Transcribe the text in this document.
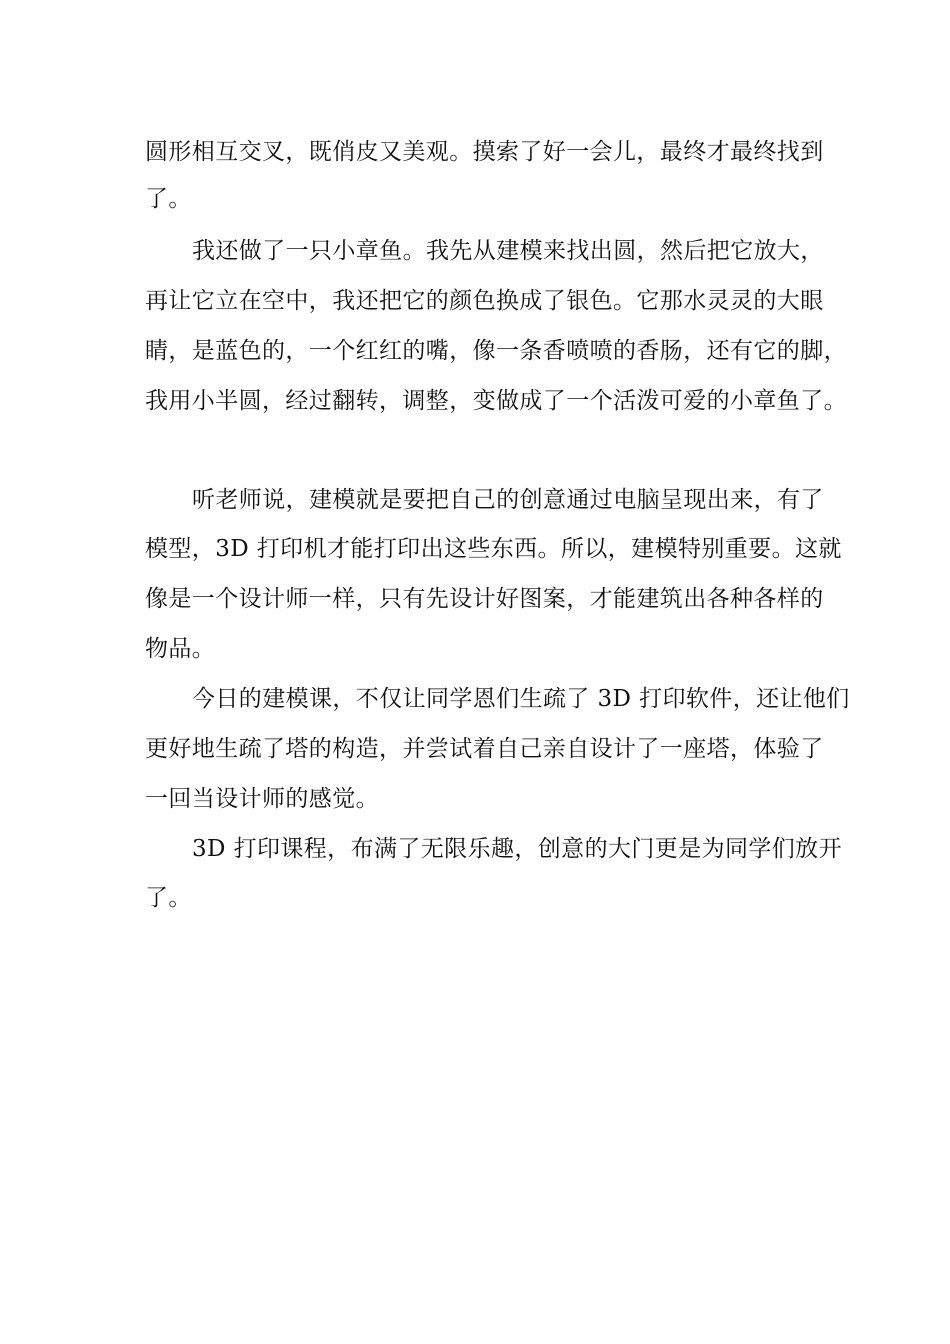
圆形相互交叉，既俏皮又美观。摸索了好一会儿，最终才最终找到
了。
我还做了一只小章鱼。我先从建模来找出圆，然后把它放大，
再让它立在空中，我还把它的颜色换成了银色。它那水灵灵的大眼
睛，是蓝色的，一个红红的嘴，像一条香喷喷的香肠，还有它的脚，
我用小半圆，经过翻转，调整，变做成了一个活泼可爱的小章鱼了。
听老师说，建模就是要把自己的创意通过电脑呈现出来，有了
模型，3D 打印机才能打印出这些东西。所以，建模特别重要。这就
像是一个设计师一样，只有先设计好图案，才能建筑出各种各样的
物品。
今日的建模课，不仅让同学恩们生疏了 3D 打印软件，还让他们
更好地生疏了塔的构造，并尝试着自己亲自设计了一座塔，体验了
一回当设计师的感觉。
3D 打印课程，布满了无限乐趣，创意的大门更是为同学们放开
了。
